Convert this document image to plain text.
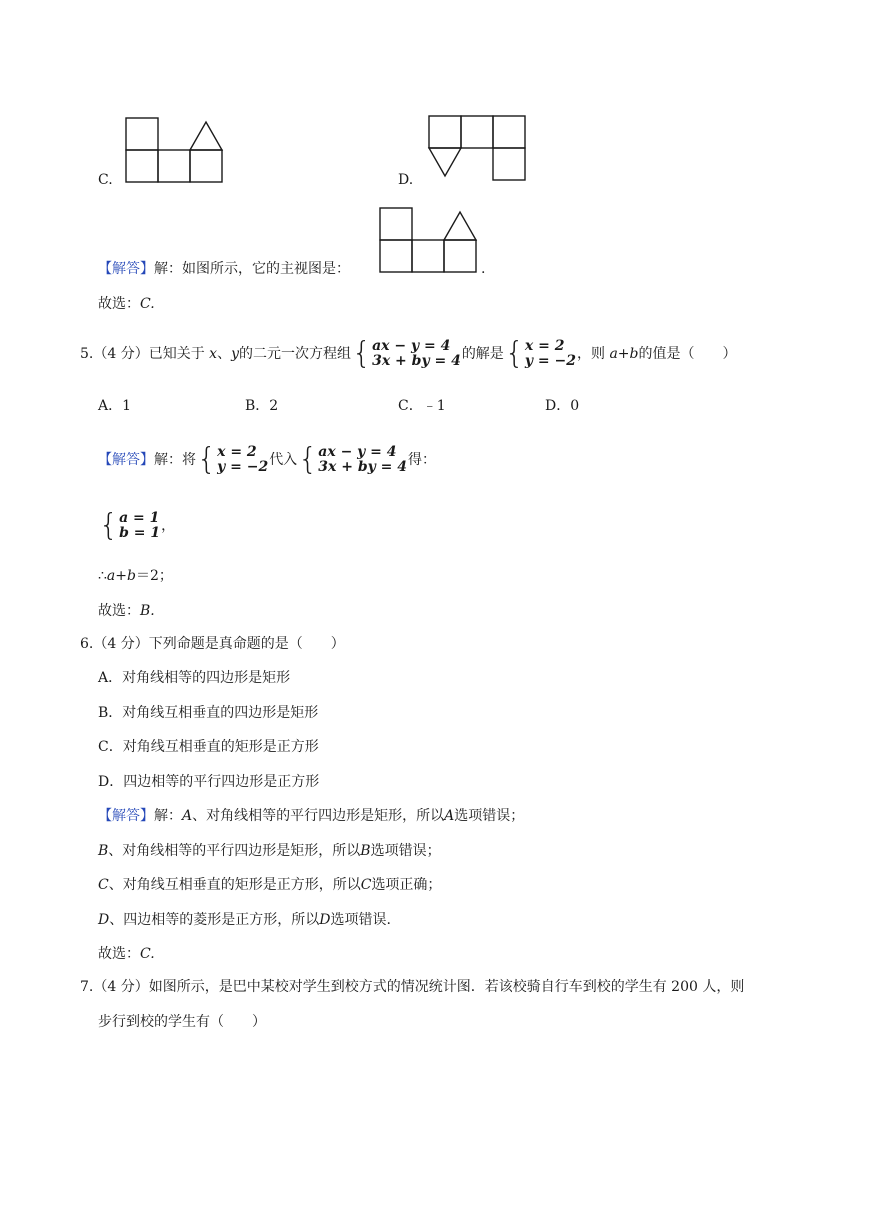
C.	D.
【解答】解：如图所示，它的主视图是：	.
故选：C.
5.（4 分）已知关于 x、y的二元一次方程组 { ax − y = 4
3x + by = 4 的解是 { x = 2
y = −2 ，则 a+b的值是（　　）
A．1	B．2	C．﹣1	D．0
【解答】解：将 { x = 2
y = −2 代入 { ax − y = 4
3x + by = 4 得：
{ a = 1
b = 1 ，
∴a+b＝2；
故选：B.
6.（4 分）下列命题是真命题的是（　　）
A．对角线相等的四边形是矩形
B．对角线互相垂直的四边形是矩形
C．对角线互相垂直的矩形是正方形
D．四边相等的平行四边形是正方形
【解答】解：A、对角线相等的平行四边形是矩形，所以A选项错误；
B、对角线相等的平行四边形是矩形，所以B选项错误；
C、对角线互相垂直的矩形是正方形，所以C选项正确；
D、四边相等的菱形是正方形，所以D选项错误.
故选：C.
7.（4 分）如图所示，是巴中某校对学生到校方式的情况统计图．若该校骑自行车到校的学生有 200 人，则
步行到校的学生有（　　）
